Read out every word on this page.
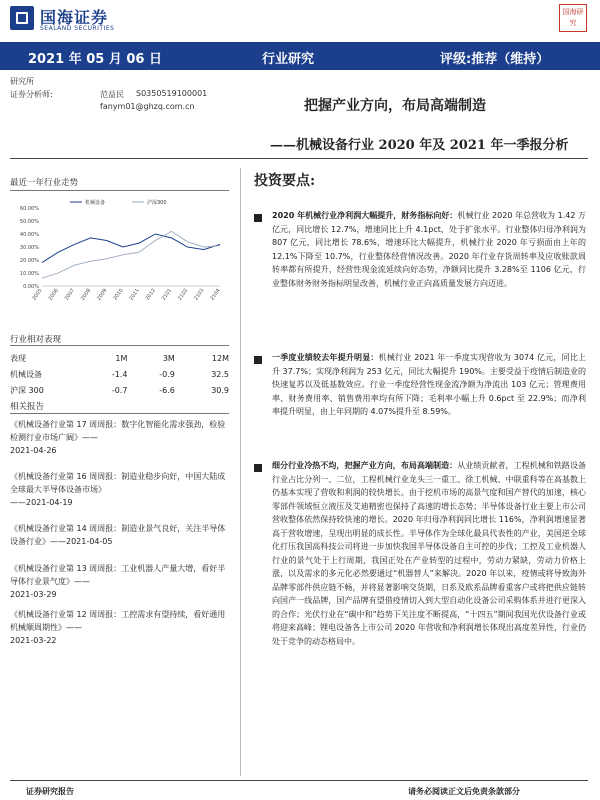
国海证券
SEALAND SECURITIES
国海研究
2021 年 05 月 06 日	行业研究	评级:推荐（维持）
研究所
证券分析师:	范益民 S0350519100001
fanym01@ghzq.com.cn	把握产业方向，布局高端制造
——机械设备行业 2020 年及 2021 年一季报分析
最近一年行业走势
0.00%
10.00%
20.00%
30.00%
40.00%
50.00%
60.00%
2005 2006 2007 2008 2009 2010 2011 2012 2101 2102 2103 2104
机械设备	沪深300
行业相对表现
表现	1M	3M	12M
机械设备	-1.4	-0.9	32.5
沪深 300	-0.7	-6.6	30.9
相关报告
《机械设备行业第 17 周周报：数字化智能化需求强劲，检验检测行业市场广阔》——
2021-04-26
《机械设备行业第 16 周周报：制造业稳步向好，中国大陆成全球最大半导体设备市场》
——2021-04-19
《机械设备行业第 14 周周报：制造业景气良好，关注半导体设备行业》——2021-04-05
《机械设备行业第 13 周周报：工业机器人产量大增，看好半导体行业景气度》——
2021-03-29
《机械设备行业第 12 周周报：工控需求有望持续，看好通用机械顺周期性》——
2021-03-22
投资要点:
2020 年机械行业净利润大幅提升，财务指标向好：机械行业 2020 年总营收为 1.42 万亿元，同比增长 12.7%，增速同比上升 4.1pct，处于扩张水平。行业整体归母净利润为 807 亿元，同比增长 78.6%，增速环比大幅提升，机械行业 2020 年亏损面由上年的 12.1%下降至 10.7%，行业整体经营情况改善。2020 年行业存货周转率及应收账款周转率都有所提升，经营性现金流延续向好态势，净额同比提升 3.28%至 1106 亿元，行业整体财务财务指标明显改善，机械行业正向高质量发展方向迈进。
一季度业绩较去年提升明显：机械行业 2021 年一季度实现营收为 3074 亿元，同比上升 37.7%；实现净利润为 253 亿元，同比大幅提升 190%。主要受益于疫情后制造业的快速复苏以及低基数效应。行业一季度经营性现金流净额为净流出 103 亿元；管理费用率、财务费用率、销售费用率均有所下降；毛利率小幅上升 0.6pct 至 22.9%；而净利率提升明显，由上年同期的 4.07%提升至 8.59%。
细分行业冷热不均，把握产业方向，布局高端制造：从业绩贡献者，工程机械和铁路设备行业占比分列一、二位，工程机械行业龙头三一重工、徐工机械、中联重科等在高基数上仍基本实现了营收和利润的较快增长。由于挖机市场的高景气度和国产替代的加速，核心零部件领域恒立液压及艾迪精密也保持了高速的增长态势；半导体设备行业主要上市公司营收整体依然保持较快速的增长。2020 年归母净利润同比增长 116%，净利润增速显著高于营收增速，呈现出明显的成长性。半导体作为全球化最具代表性的产业，美国逆全球化打压我国高科技公司将进一步加快我国半导体设备自主可控的步伐；工控及工业机器人行业的景气处于上行周期，我国正处在产业转型的过程中，劳动力紧缺，劳动力价格上涨，以及需求的多元化必然要通过“机器替人”来解决。2020 年以来，疫情或将导致海外品牌零部件供应链不畅，并将显著影响交货期，日系及欧系品牌看重客户或将把供应链转向国产一线品牌，国产品牌有望借疫情切入到大型自动化设备公司采购体系并进行更深入的合作；光伏行业在“碳中和”趋势下关注度不断提高，“十四五”期间我国光伏设备行业或将迎来高峰；锂电设备各上市公司 2020 年营收和净利润增长体现出高度差异性，行业仍处于竞争的动态格局中。
证券研究报告	请务必阅读正文后免责条款部分
